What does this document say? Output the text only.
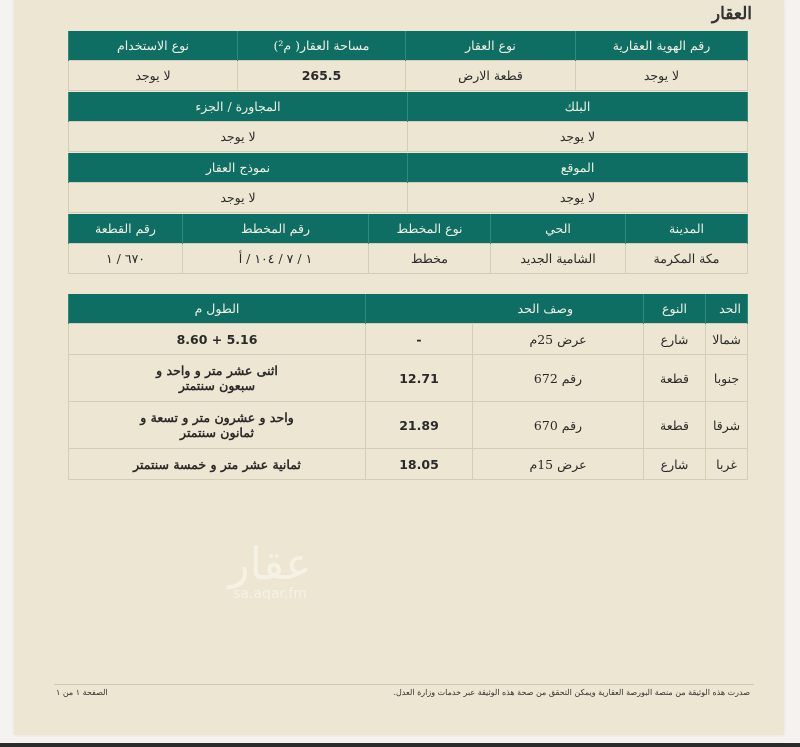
العقار
رقم الهوية العقارية	نوع العقار	مساحة العقار( م²)	نوع الاستخدام
لا يوجد	قطعة الارض	265.5	لا يوجد
البلك	المجاورة / الجزء
لا يوجد	لا يوجد
الموقع	نموذج العقار
لا يوجد	لا يوجد
المدينة	الحي	نوع المخطط	رقم المخطط	رقم القطعة
مكة المكرمة	الشامية الجديد	مخطط	١ / ٧ / ١٠٤ / أ	٦٧٠ / ١
الحد	النوع	وصف الحد		الطول م
شمالا	شارع	عرض 25م	-	5.16 + 8.60
جنوبا	قطعة	رقم 672	12.71	اثنى عشر متر و واحد و سبعون سنتمتر
شرقا	قطعة	رقم 670	21.89	واحد و عشرون متر و تسعة و ثمانون سنتمتر
غربا	شارع	عرض 15م	18.05	ثمانية عشر متر و خمسة سنتمتر
عقار
sa.aqar.fm
صدرت هذه الوثيقة من منصة البورصة العقارية ويمكن التحقق من صحة هذه الوثيقة عبر خدمات وزارة العدل.
الصفحة ١ من ١
